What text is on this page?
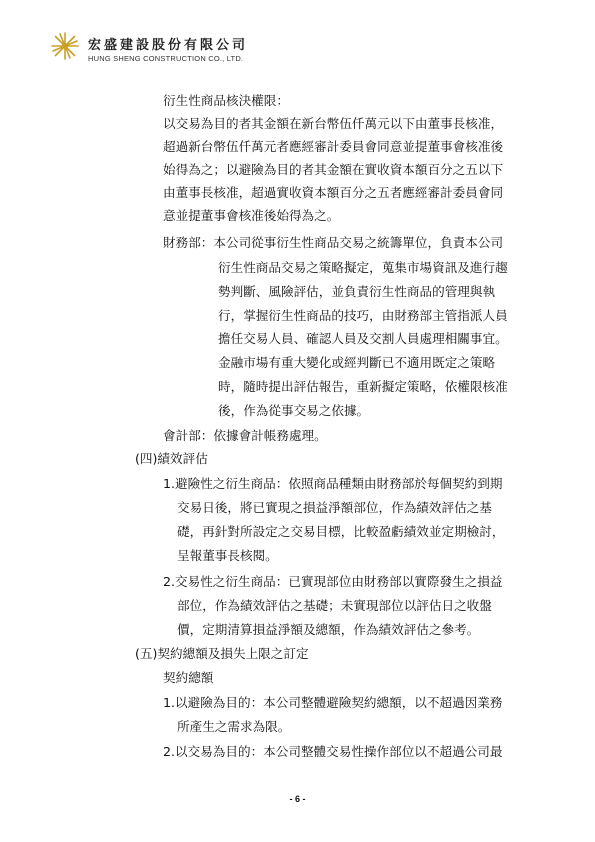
宏盛建設股份有限公司
HUNG SHENG CONSTRUCTION CO., LTD.
衍生性商品核決權限：
以交易為目的者其金額在新台幣伍仟萬元以下由董事長核准，
超過新台幣伍仟萬元者應經審計委員會同意並提董事會核准後
始得為之；以避險為目的者其金額在實收資本額百分之五以下
由董事長核准，超過實收資本額百分之五者應經審計委員會同
意並提董事會核准後始得為之。
財務部：本公司從事衍生性商品交易之統籌單位，負責本公司
衍生性商品交易之策略擬定，蒐集市場資訊及進行趨
勢判斷、風險評估，並負責衍生性商品的管理與執
行，掌握衍生性商品的技巧，由財務部主管指派人員
擔任交易人員、確認人員及交割人員處理相關事宜。
金融市場有重大變化或經判斷已不適用既定之策略
時，隨時提出評估報告，重新擬定策略，依權限核准
後，作為從事交易之依據。
會計部：依據會計帳務處理。
(四)績效評估
1.避險性之衍生商品：依照商品種類由財務部於每個契約到期
交易日後，將已實現之損益淨額部位，作為績效評估之基
礎，再針對所設定之交易目標，比較盈虧績效並定期檢討，
呈報董事長核閱。
2.交易性之衍生商品：已實現部位由財務部以實際發生之損益
部位，作為績效評估之基礎；未實現部位以評估日之收盤
價，定期清算損益淨額及總額，作為績效評估之參考。
(五)契約總額及損失上限之訂定
契約總額
1.以避險為目的：本公司整體避險契約總額，以不超過因業務
所產生之需求為限。
2.以交易為目的：本公司整體交易性操作部位以不超過公司最
- 6 -
